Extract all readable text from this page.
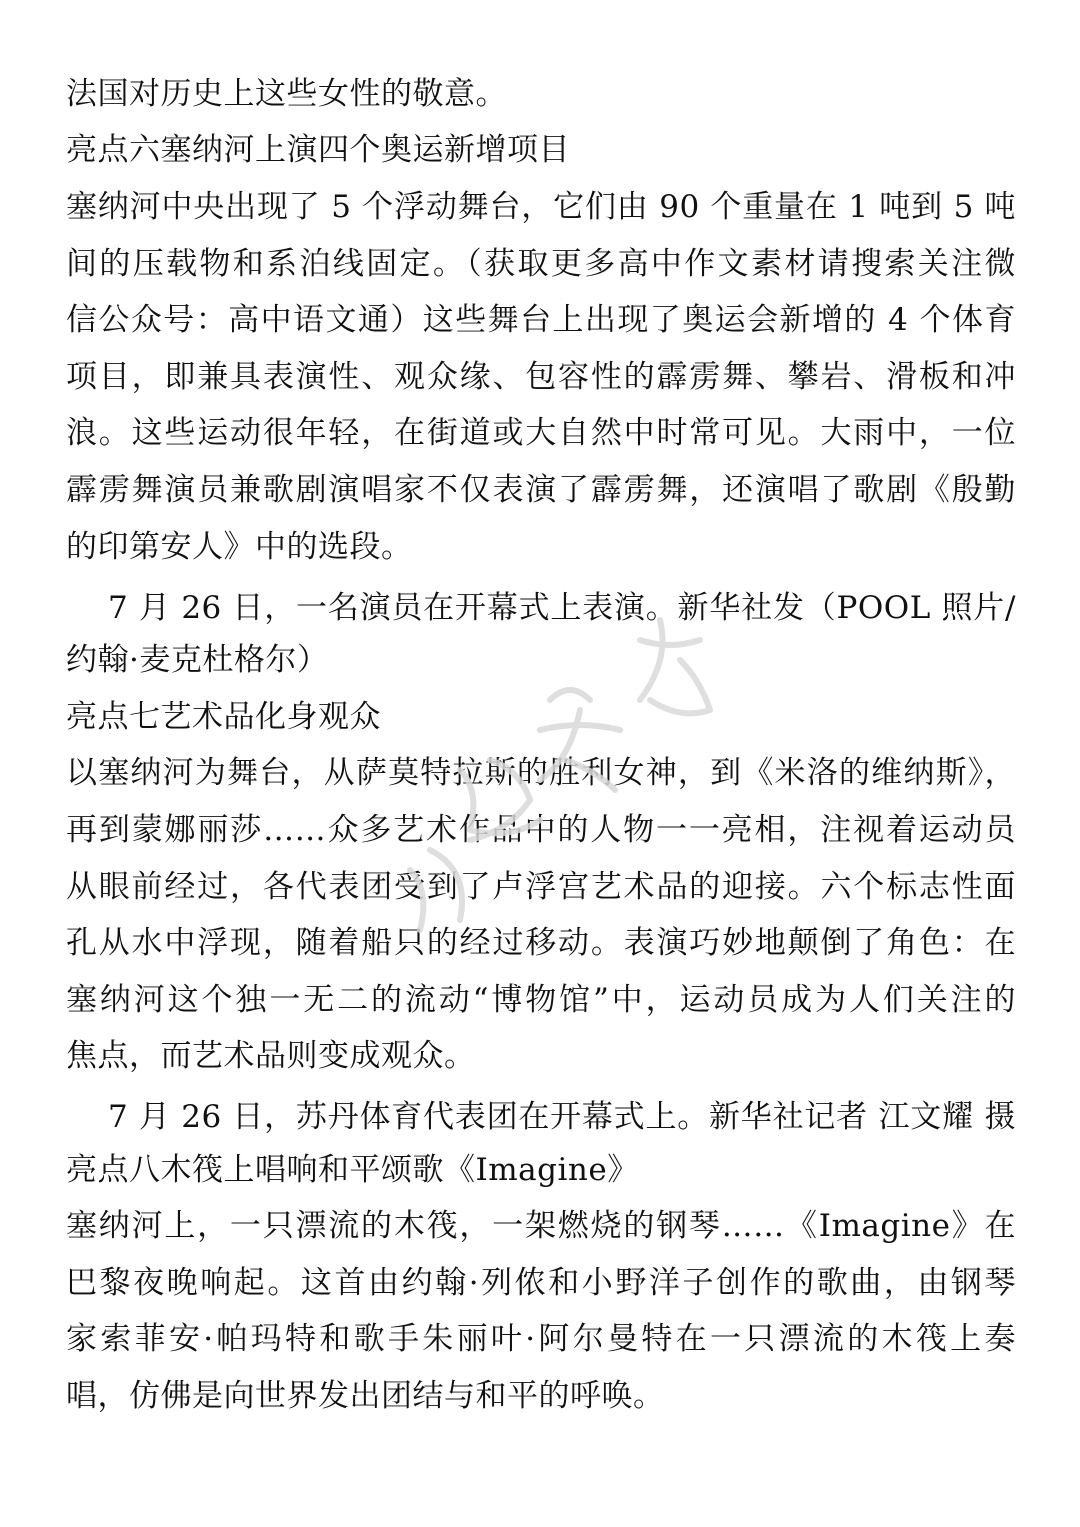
法国对历史上这些女性的敬意。
亮点六塞纳河上演四个奥运新增项目
塞纳河中央出现了 5 个浮动舞台，它们由 90 个重量在 1 吨到 5 吨
间的压载物和系泊线固定。（获取更多高中作文素材请搜索关注微
信公众号：高中语文通）这些舞台上出现了奥运会新增的 4 个体育
项目，即兼具表演性、观众缘、包容性的霹雳舞、攀岩、滑板和冲
浪。这些运动很年轻，在街道或大自然中时常可见。大雨中，一位
霹雳舞演员兼歌剧演唱家不仅表演了霹雳舞，还演唱了歌剧《殷勤
的印第安人》中的选段。
7 月 26 日，一名演员在开幕式上表演。新华社发（POOL 照片/
约翰·麦克杜格尔）
亮点七艺术品化身观众
以塞纳河为舞台，从萨莫特拉斯的胜利女神，到《米洛的维纳斯》，
再到蒙娜丽莎……众多艺术作品中的人物一一亮相，注视着运动员
从眼前经过，各代表团受到了卢浮宫艺术品的迎接。六个标志性面
孔从水中浮现，随着船只的经过移动。表演巧妙地颠倒了角色：在
塞纳河这个独一无二的流动“博物馆”中，运动员成为人们关注的
焦点，而艺术品则变成观众。
7 月 26 日，苏丹体育代表团在开幕式上。新华社记者 江文耀 摄
亮点八木筏上唱响和平颂歌《Imagine》
塞纳河上，一只漂流的木筏，一架燃烧的钢琴……《Imagine》在
巴黎夜晚响起。这首由约翰·列侬和小野洋子创作的歌曲，由钢琴
家索菲安·帕玛特和歌手朱丽叶·阿尔曼特在一只漂流的木筏上奏
唱，仿佛是向世界发出团结与和平的呼唤。
